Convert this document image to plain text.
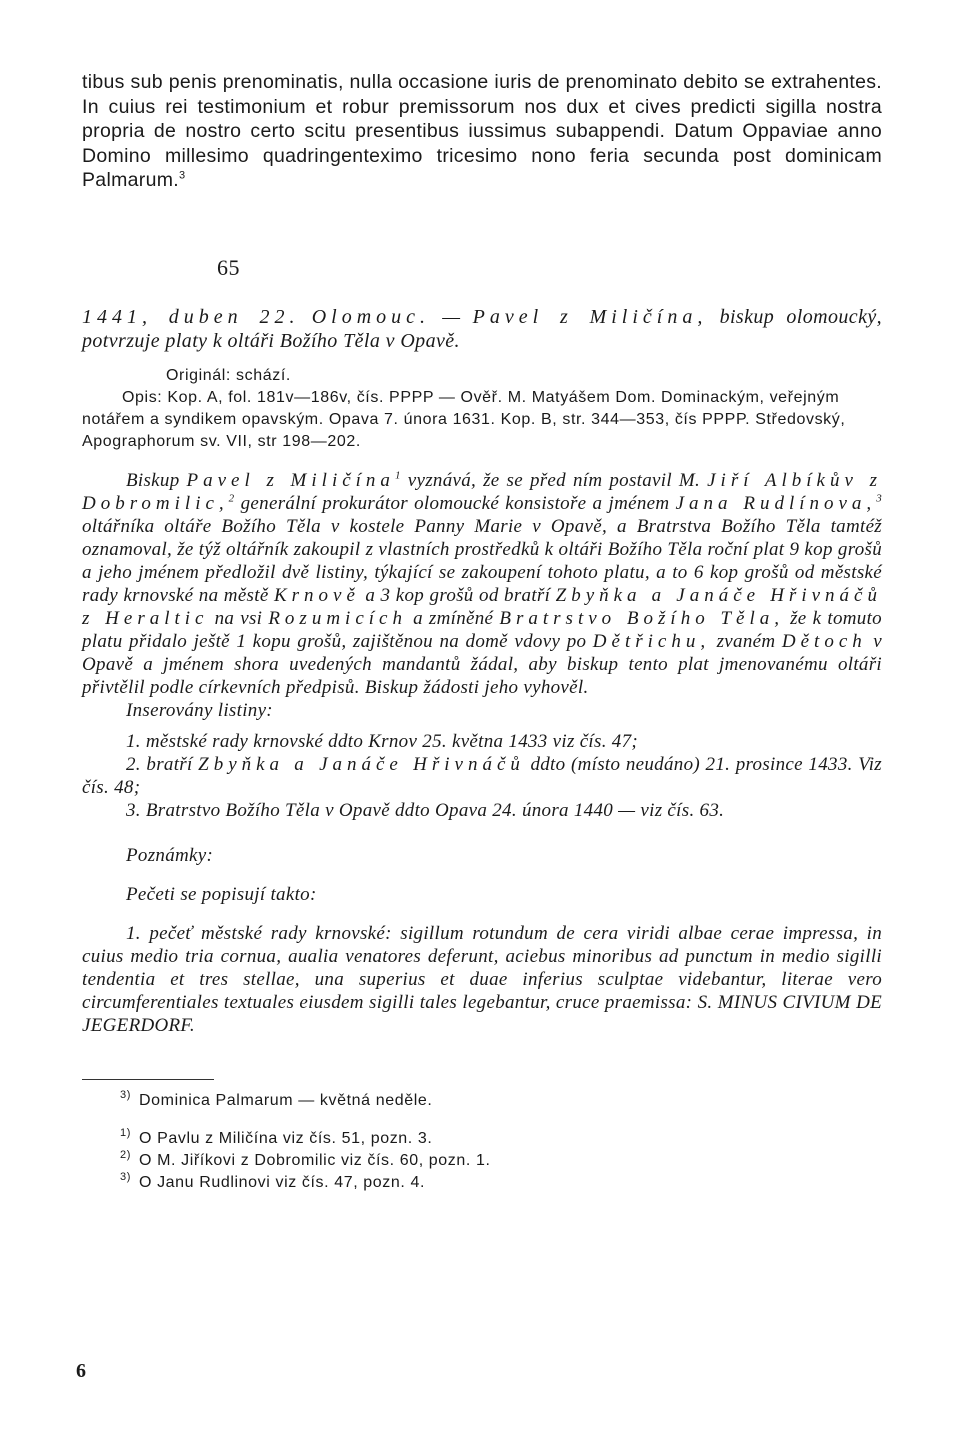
tibus sub penis prenominatis, nulla occasione iuris de prenominato debito se extrahentes. In cuius rei testimonium et robur premissorum nos dux et cives predicti sigilla nostra propria de nostro certo scitu presentibus iussimus subappendi. Datum Oppaviae anno Domino millesimo quadringenteximo tricesimo nono feria secunda post dominicam Palmarum.$^3$

65

1441, duben 22. Olomouc. — Pavel z Miličína, biskup olomoucký, potvrzuje platy k oltáři Božího Těla v Opavě.

Originál: schází.

Opis: Kop. A, fol. 181v—186v, čís. PPPP — Ověř. M. Matyášem Dom. Dominackým, veřejným notářem a syndikem opavským. Opava 7. února 1631. Kop. B, str. 344—353, čís PPPP. Středovský, Apographorum sv. VII, str 198—202.

Biskup Pavel z Miličína$^1$ vyznává, že se před ním postavil M. Jiří Albíkův z Dobromilic,$^2$ generální prokurátor olomoucké konsistoře a jménem Jana Rudlínova,$^3$ oltářníka oltáře Božího Těla v kostele Panny Marie v Opavě, a Bratrstva Božího Těla tamtéž oznamoval, že týž oltářník zakoupil z vlastních prostředků k oltáři Božího Těla roční plat 9 kop grošů a jeho jménem předložil dvě listiny, týkající se zakoupení tohoto platu, a to 6 kop grošů od městské rady krnovské na městě Krnově a 3 kop grošů od bratří Zbyňka a Janáče Hřivnáčů z Heraltic na vsi Rozumicích a zmíněné Bratrstvo Božího Těla, že k tomuto platu přidalo ještě 1 kopu grošů, zajištěnou na domě vdovy po Dětřichu, zvaném Dětoch v Opavě a jménem shora uvedených mandantů žádal, aby biskup tento plat jmenovanému oltáři přivtělil podle církevních předpisů. Biskup žádosti jeho vyhověl.

Inserovány listiny:

1. městské rady krnovské ddto Krnov 25. května 1433 viz čís. 47;

2. bratří Zbyňka a Janáče Hřivnáčů ddto (místo neudáno) 21. prosince 1433. Viz čís. 48;

3. Bratrstvo Božího Těla v Opavě ddto Opava 24. února 1440 — viz čís. 63.

Poznámky:

Pečeti se popisují takto:

1. pečeť městské rady krnovské: sigillum rotundum de cera viridi albae cerae impressa, in cuius medio tria cornua, aualia venatores deferunt, aciebus minoribus ad punctum in medio sigilli tendentia et tres stellae, una superius et duae inferius sculptae videbantur, literae vero circumferentiales textuales eiusdem sigilli tales legebantur, cruce praemissa: S. MINUS CIVIUM DE JEGERDORF.

$^{3)}$ Dominica Palmarum — květná neděle.

$^{1)}$ O Pavlu z Miličína viz čís. 51, pozn. 3.

$^{2)}$ O M. Jiříkovi z Dobromilic viz čís. 60, pozn. 1.

$^{3)}$ O Janu Rudlinovi viz čís. 47, pozn. 4.

6
